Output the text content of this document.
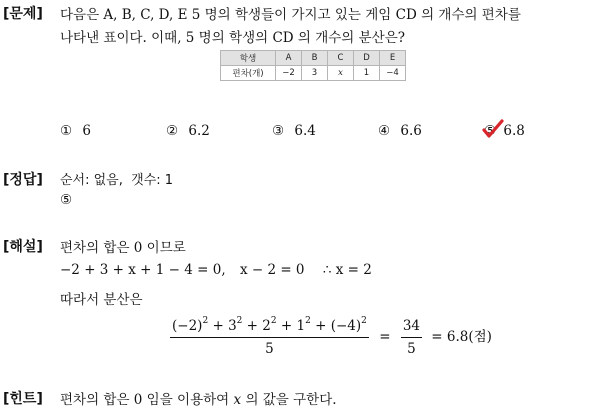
[문제] 다음은 A, B, C, D, E 5 명의 학생들이 가지고 있는 게임 CD 의 개수의 편차를
나타낸 표이다. 이때, 5 명의 학생의 CD 의 개수의 분산은?
학생	A	B	C	D	E
편차(개)	−2	3	x	1	−4
① 6	② 6.2	③ 6.4	④ 6.6	⑤ 6.8
[정답] 순서: 없음,  갯수: 1
⑤
[해설] 편차의 합은 0 이므로
−2 + 3 + x + 1 − 4 = 0, x − 2 = 0 ∴ x = 2
따라서 분산은
$\frac{(-2)^2 + 3^2 + 2^2 + 1^2 + (-4)^2}{5} = \frac{34}{5} = 6.8$(점)
[힌트] 편차의 합은 0 임을 이용하여 x 의 값을 구한다.
